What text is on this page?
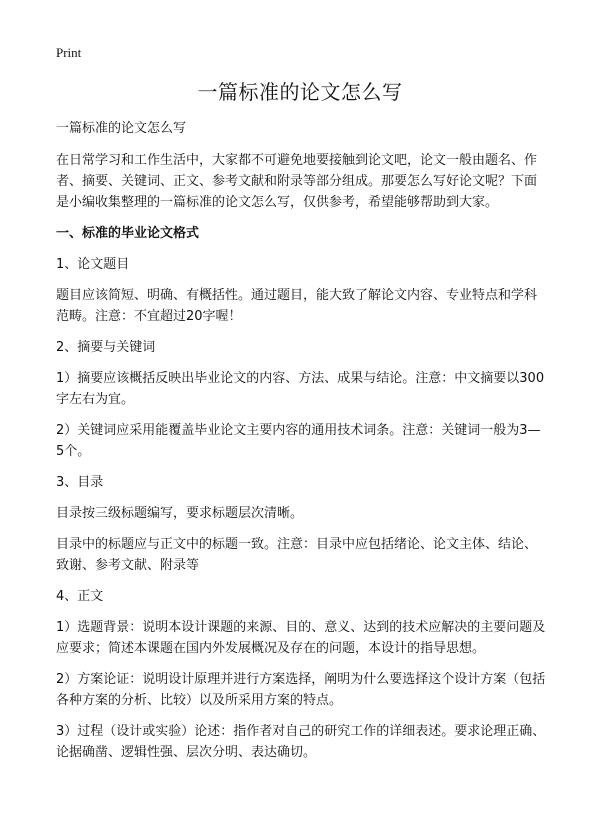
Print
一篇标准的论文怎么写

一篇标准的论文怎么写

在日常学习和工作生活中，大家都不可避免地要接触到论文吧，论文一般由题名、作者、摘要、关键词、正文、参考文献和附录等部分组成。那要怎么写好论文呢？下面是小编收集整理的一篇标准的论文怎么写，仅供参考，希望能够帮助到大家。

一、标准的毕业论文格式

1、论文题目

题目应该简短、明确、有概括性。通过题目，能大致了解论文内容、专业特点和学科范畴。注意：不宜超过20字喔！

2、摘要与关键词

1）摘要应该概括反映出毕业论文的内容、方法、成果与结论。注意：中文摘要以300字左右为宜。

2）关键词应采用能覆盖毕业论文主要内容的通用技术词条。注意：关键词一般为3—5个。

3、目录

目录按三级标题编写，要求标题层次清晰。

目录中的标题应与正文中的标题一致。注意：目录中应包括绪论、论文主体、结论、致谢、参考文献、附录等

4、正文

1）选题背景：说明本设计课题的来源、目的、意义、达到的技术应解决的主要问题及应要求；简述本课题在国内外发展概况及存在的问题，本设计的指导思想。

2）方案论证：说明设计原理并进行方案选择，阐明为什么要选择这个设计方案（包括各种方案的分析、比较）以及所采用方案的特点。

3）过程（设计或实验）论述：指作者对自己的研究工作的详细表述。要求论理正确、论据确凿、逻辑性强、层次分明、表达确切。
